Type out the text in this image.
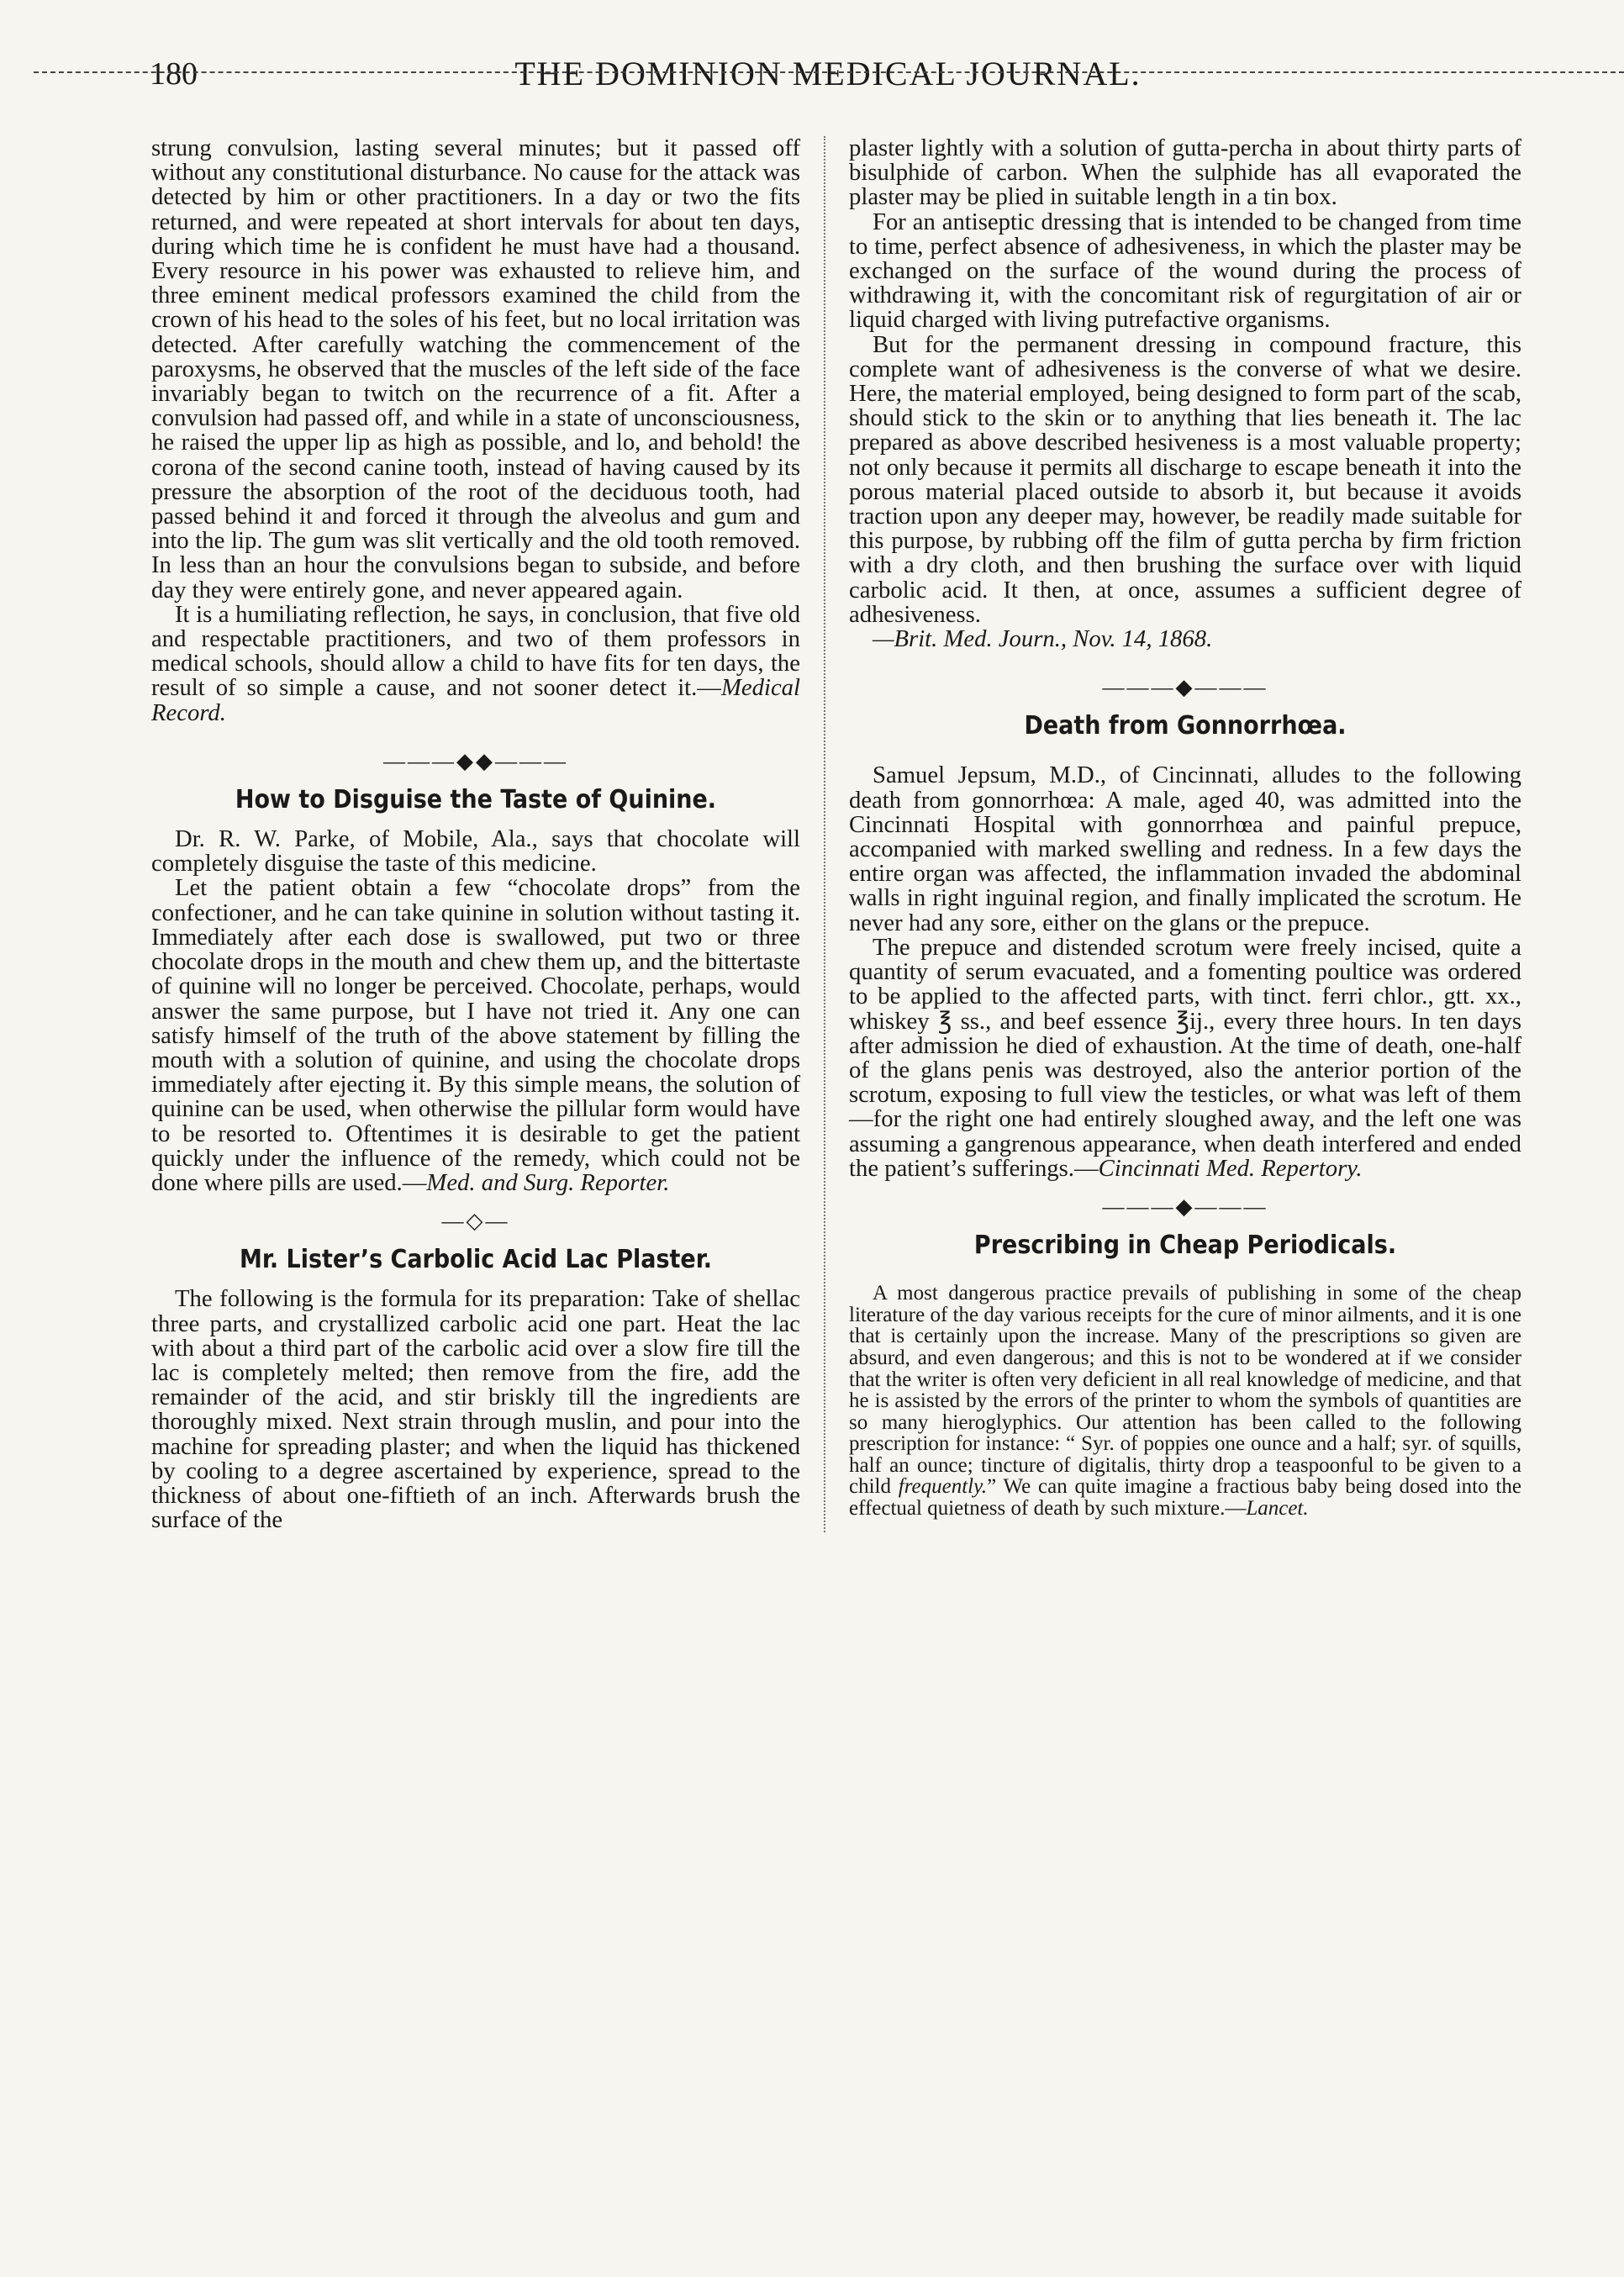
180	THE DOMINION MEDICAL JOURNAL.

strung convulsion, lasting several minutes; but it passed off without any constitutional disturbance. No cause for the attack was detected by him or other practitioners. In a day or two the fits returned, and were repeated at short intervals for about ten days, during which time he is confident he must have had a thousand. Every resource in his power was exhausted to relieve him, and three eminent medical professors examined the child from the crown of his head to the soles of his feet, but no local irritation was detected. After carefully watching the commencement of the paroxysms, he observed that the muscles of the left side of the face invariably began to twitch on the recurrence of a fit. After a convulsion had passed off, and while in a state of unconsciousness, he raised the upper lip as high as possible, and lo, and behold! the corona of the second canine tooth, instead of having caused by its pressure the absorption of the root of the deciduous tooth, had passed behind it and forced it through the alveolus and gum and into the lip. The gum was slit vertically and the old tooth removed. In less than an hour the convulsions began to subside, and before day they were entirely gone, and never appeared again.

It is a humiliating reflection, he says, in conclusion, that five old and respectable practitioners, and two of them professors in medical schools, should allow a child to have fits for ten days, the result of so simple a cause, and not sooner detect it.—Medical Record.

———◆◆———
How to Disguise the Taste of Quinine.

Dr. R. W. Parke, of Mobile, Ala., says that chocolate will completely disguise the taste of this medicine.

Let the patient obtain a few “chocolate drops” from the confectioner, and he can take quinine in solution without tasting it. Immediately after each dose is swallowed, put two or three chocolate drops in the mouth and chew them up, and the bittertaste of quinine will no longer be perceived. Chocolate, perhaps, would answer the same purpose, but I have not tried it. Any one can satisfy himself of the truth of the above statement by filling the mouth with a solution of quinine, and using the chocolate drops immediately after ejecting it. By this simple means, the solution of quinine can be used, when otherwise the pillular form would have to be resorted to. Oftentimes it is desirable to get the patient quickly under the influence of the remedy, which could not be done where pills are used.—Med. and Surg. Reporter.

—◇—
Mr. Lister’s Carbolic Acid Lac Plaster.

The following is the formula for its preparation: Take of shellac three parts, and crystallized carbolic acid one part. Heat the lac with about a third part of the carbolic acid over a slow fire till the lac is completely melted; then remove from the fire, add the remainder of the acid, and stir briskly till the ingredients are thoroughly mixed. Next strain through muslin, and pour into the machine for spreading plaster; and when the liquid has thickened by cooling to a degree ascertained by experience, spread to the thickness of about one-fiftieth of an inch. Afterwards brush the surface of the

plaster lightly with a solution of gutta-percha in about thirty parts of bisulphide of carbon. When the sulphide has all evaporated the plaster may be plied in suitable length in a tin box.

For an antiseptic dressing that is intended to be changed from time to time, perfect absence of adhesiveness, in which the plaster may be exchanged on the surface of the wound during the process of withdrawing it, with the concomitant risk of regurgitation of air or liquid charged with living putrefactive organisms.

But for the permanent dressing in compound fracture, this complete want of adhesiveness is the converse of what we desire. Here, the material employed, being designed to form part of the scab, should stick to the skin or to anything that lies beneath it. The lac prepared as above described hesiveness is a most valuable property; not only because it permits all discharge to escape beneath it into the porous material placed outside to absorb it, but because it avoids traction upon any deeper may, however, be readily made suitable for this purpose, by rubbing off the film of gutta percha by firm friction with a dry cloth, and then brushing the surface over with liquid carbolic acid. It then, at once, assumes a sufficient degree of adhesiveness.

—Brit. Med. Journ., Nov. 14, 1868.

———◆———
Death from Gonnorrhœa.

Samuel Jepsum, M.D., of Cincinnati, alludes to the following death from gonnorrhœa: A male, aged 40, was admitted into the Cincinnati Hospital with gonnorrhœa and painful prepuce, accompanied with marked swelling and redness. In a few days the entire organ was affected, the inflammation invaded the abdominal walls in right inguinal region, and finally implicated the scrotum. He never had any sore, either on the glans or the prepuce.

The prepuce and distended scrotum were freely incised, quite a quantity of serum evacuated, and a fomenting poultice was ordered to be applied to the affected parts, with tinct. ferri chlor., gtt. xx., whiskey ℥ ss., and beef essence ℥ij., every three hours. In ten days after admission he died of exhaustion. At the time of death, one-half of the glans penis was destroyed, also the anterior portion of the scrotum, exposing to full view the testicles, or what was left of them—for the right one had entirely sloughed away, and the left one was assuming a gangrenous appearance, when death interfered and ended the patient’s sufferings.—Cincinnati Med. Repertory.

———◆———
Prescribing in Cheap Periodicals.

A most dangerous practice prevails of publishing in some of the cheap literature of the day various receipts for the cure of minor ailments, and it is one that is certainly upon the increase. Many of the prescriptions so given are absurd, and even dangerous; and this is not to be wondered at if we consider that the writer is often very deficient in all real knowledge of medicine, and that he is assisted by the errors of the printer to whom the symbols of quantities are so many hieroglyphics. Our attention has been called to the following prescription for instance: “ Syr. of poppies one ounce and a half; syr. of squills, half an ounce; tincture of digitalis, thirty drop a teaspoonful to be given to a child frequently.” We can quite imagine a fractious baby being dosed into the effectual quietness of death by such mixture.—Lancet.
